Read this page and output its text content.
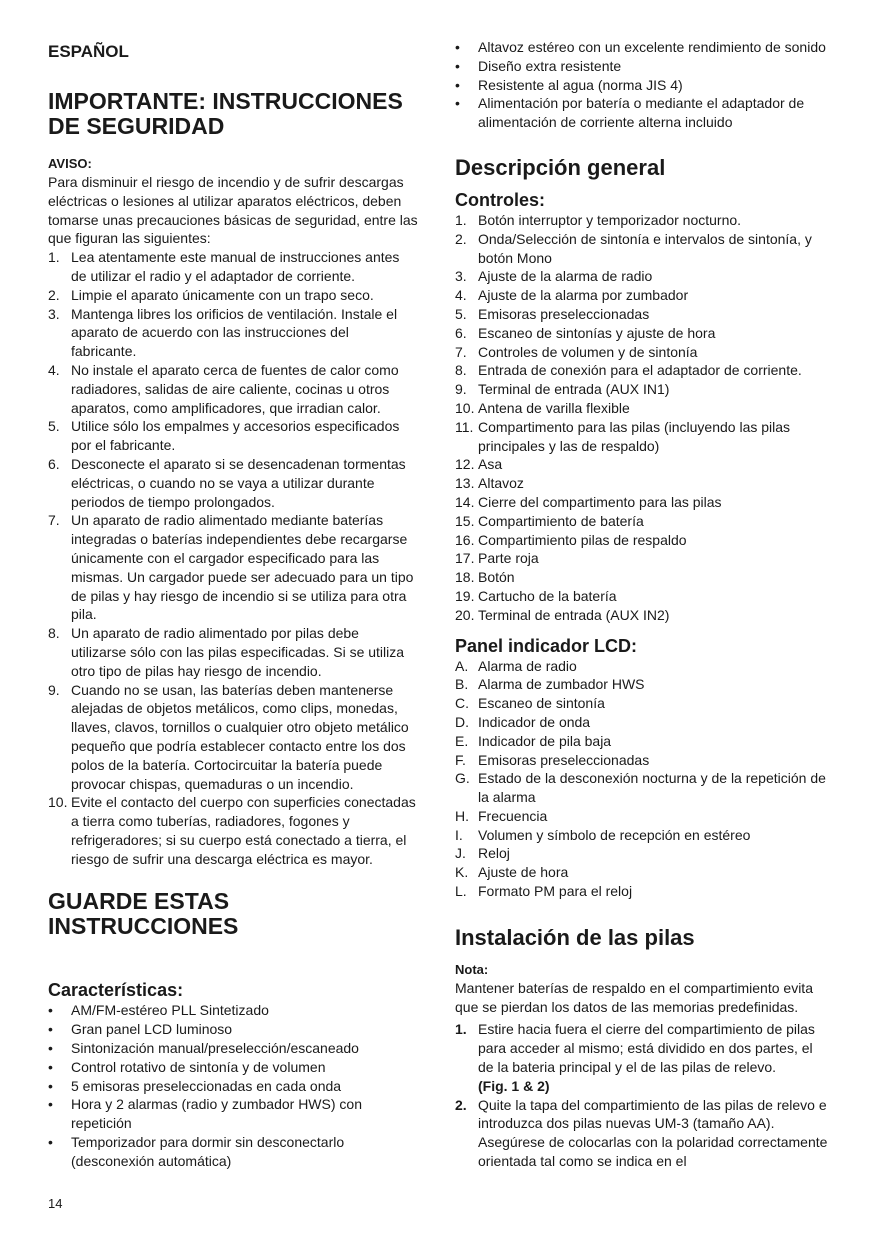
ESPAÑOL
IMPORTANTE: INSTRUCCIONES DE SEGURIDAD
AVISO:

Para disminuir el riesgo de incendio y de sufrir descargas eléctricas o lesiones al utilizar aparatos eléctricos, deben tomarse unas precauciones básicas de seguridad, entre las que figuran las siguientes:

1. Lea atentamente este manual de instrucciones antes de utilizar el radio y el adaptador de corriente.
2. Limpie el aparato únicamente con un trapo seco.
3. Mantenga libres los orificios de ventilación. Instale el aparato de acuerdo con las instrucciones del fabricante.
4. No instale el aparato cerca de fuentes de calor como radiadores, salidas de aire caliente, cocinas u otros aparatos, como amplificadores, que irradian calor.
5. Utilice sólo los empalmes y accesorios especificados por el fabricante.
6. Desconecte el aparato si se desencadenan tormentas eléctricas, o cuando no se vaya a utilizar durante periodos de tiempo prolongados.
7. Un aparato de radio alimentado mediante baterías integradas o baterías independientes debe recargarse únicamente con el cargador especificado para las mismas. Un cargador puede ser adecuado para un tipo de pilas y hay riesgo de incendio si se utiliza para otra pila.
8. Un aparato de radio alimentado por pilas debe utilizarse sólo con las pilas especificadas. Si se utiliza otro tipo de pilas hay riesgo de incendio.
9. Cuando no se usan, las baterías deben mantenerse alejadas de objetos metálicos, como clips, monedas, llaves, clavos, tornillos o cualquier otro objeto metálico pequeño que podría establecer contacto entre los dos polos de la batería. Cortocircuitar la batería puede provocar chispas, quemaduras o un incendio.
10. Evite el contacto del cuerpo con superficies conectadas a tierra como tuberías, radiadores, fogones y refrigeradores; si su cuerpo está conectado a tierra, el riesgo de sufrir una descarga eléctrica es mayor.
GUARDE ESTAS INSTRUCCIONES
Características:
• AM/FM-estéreo PLL Sintetizado
• Gran panel LCD luminoso
• Sintonización manual/preselección/escaneado
• Control rotativo de sintonía y de volumen
• 5 emisoras preseleccionadas en cada onda
• Hora y 2 alarmas (radio y zumbador HWS) con repetición
• Temporizador para dormir sin desconectarlo (desconexión automática)
• Altavoz estéreo con un excelente rendimiento de sonido
• Diseño extra resistente
• Resistente al agua (norma JIS 4)
• Alimentación por batería o mediante el adaptador de alimentación de corriente alterna incluido
Descripción general
Controles:
1. Botón interruptor y temporizador nocturno.
2. Onda/Selección de sintonía e intervalos de sintonía, y botón Mono
3. Ajuste de la alarma de radio
4. Ajuste de la alarma por zumbador
5. Emisoras preseleccionadas
6. Escaneo de sintonías y ajuste de hora
7. Controles de volumen y de sintonía
8. Entrada de conexión para el adaptador de corriente.
9. Terminal de entrada (AUX IN1)
10. Antena de varilla flexible
11. Compartimento para las pilas (incluyendo las pilas principales y las de respaldo)
12. Asa
13. Altavoz
14. Cierre del compartimento para las pilas
15. Compartimiento de batería
16. Compartimiento pilas de respaldo
17. Parte roja
18. Botón
19. Cartucho de la batería
20. Terminal de entrada (AUX IN2)
Panel indicador LCD:
A. Alarma de radio
B. Alarma de zumbador HWS
C. Escaneo de sintonía
D. Indicador de onda
E. Indicador de pila baja
F. Emisoras preseleccionadas
G. Estado de la desconexión nocturna y de la repetición de la alarma
H. Frecuencia
I. Volumen y símbolo de recepción en estéreo
J. Reloj
K. Ajuste de hora
L. Formato PM para el reloj
Instalación de las pilas
Nota:

Mantener baterías de respaldo en el compartimiento evita que se pierdan los datos de las memorias predefinidas.

1. Estire hacia fuera el cierre del compartimiento de pilas para acceder al mismo; está dividido en dos partes, el de la bateria principal y el de las pilas de relevo.
(Fig. 1 & 2)
2. Quite la tapa del compartimiento de las pilas de relevo e introduzca dos pilas nuevas UM-3 (tamaño AA). Asegúrese de colocarlas con la polaridad correctamente orientada tal como se indica en el
14
